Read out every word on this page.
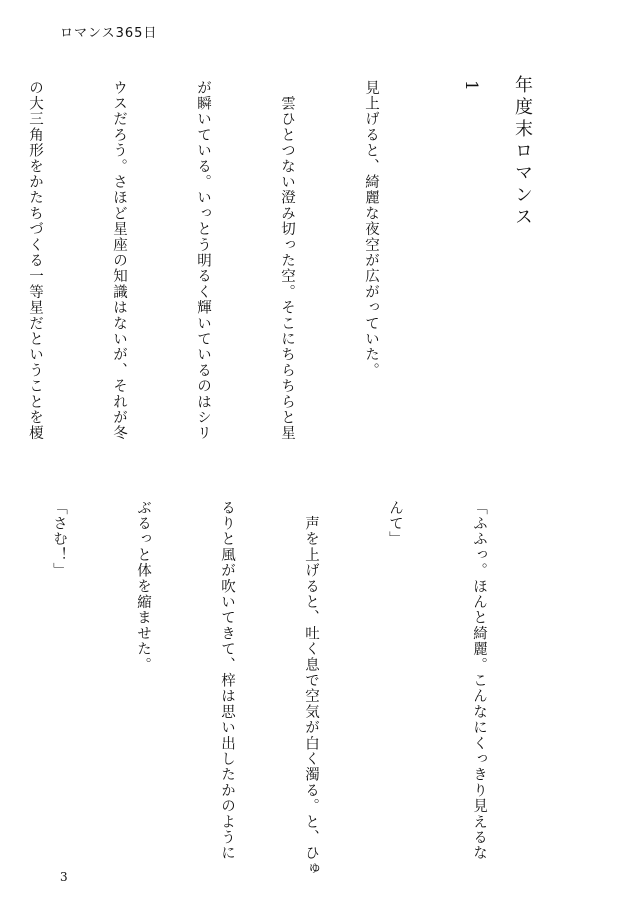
ロマンス365日
年度末ロマンス
1

見上げると、綺麗な夜空が広がっていた。

　雲ひとつない澄み切った空。そこにちらちらと星

が瞬いている。いっとう明るく輝いているのはシリ

ウスだろう。さほど星座の知識はないが、それが冬

の大三角形をかたちづくる一等星だということを榎

「ふふっ。ほんと綺麗。こんなにくっきり見えるな

んて」

　声を上げると、吐く息で空気が白く濁る。と、ひゅ

るりと風が吹いてきて、梓は思い出したかのように

ぶるっと体を縮ませた。

「さむ！」

3
